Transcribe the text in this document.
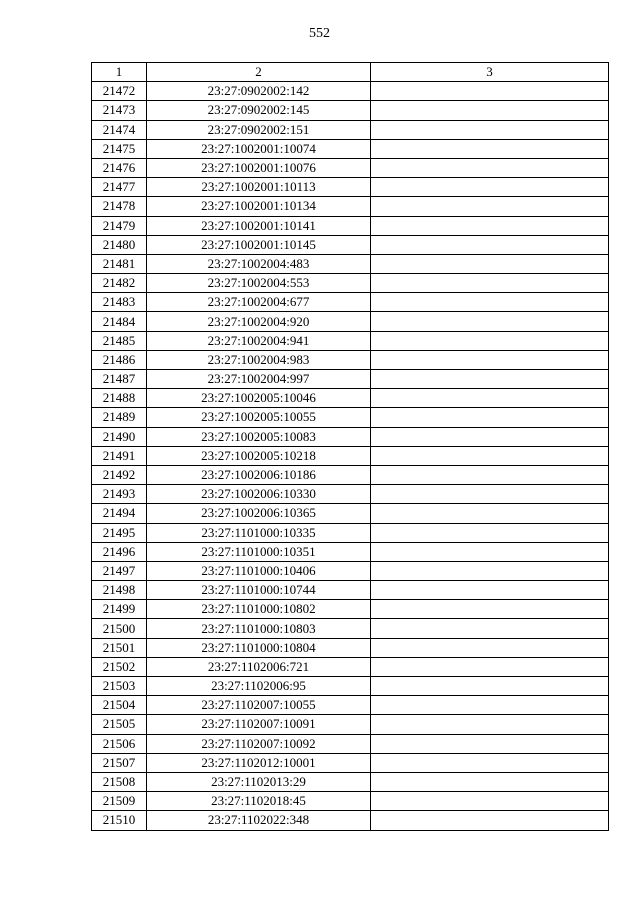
552
1	2	3
21472	23:27:0902002:142	
21473	23:27:0902002:145	
21474	23:27:0902002:151	
21475	23:27:1002001:10074	
21476	23:27:1002001:10076	
21477	23:27:1002001:10113	
21478	23:27:1002001:10134	
21479	23:27:1002001:10141	
21480	23:27:1002001:10145	
21481	23:27:1002004:483	
21482	23:27:1002004:553	
21483	23:27:1002004:677	
21484	23:27:1002004:920	
21485	23:27:1002004:941	
21486	23:27:1002004:983	
21487	23:27:1002004:997	
21488	23:27:1002005:10046	
21489	23:27:1002005:10055	
21490	23:27:1002005:10083	
21491	23:27:1002005:10218	
21492	23:27:1002006:10186	
21493	23:27:1002006:10330	
21494	23:27:1002006:10365	
21495	23:27:1101000:10335	
21496	23:27:1101000:10351	
21497	23:27:1101000:10406	
21498	23:27:1101000:10744	
21499	23:27:1101000:10802	
21500	23:27:1101000:10803	
21501	23:27:1101000:10804	
21502	23:27:1102006:721	
21503	23:27:1102006:95	
21504	23:27:1102007:10055	
21505	23:27:1102007:10091	
21506	23:27:1102007:10092	
21507	23:27:1102012:10001	
21508	23:27:1102013:29	
21509	23:27:1102018:45	
21510	23:27:1102022:348	
